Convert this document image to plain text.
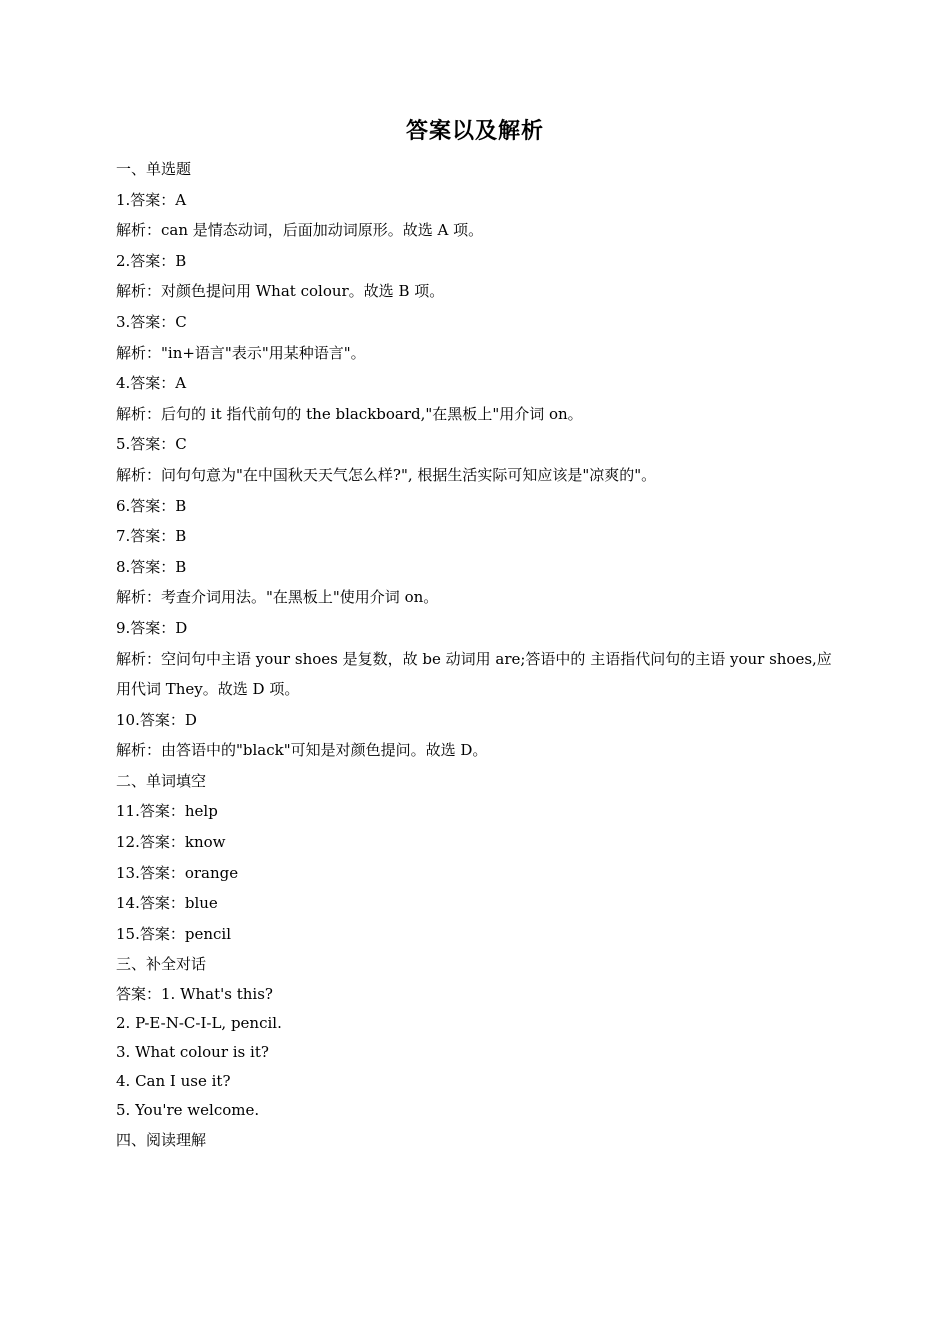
答案以及解析
一、单选题
1.答案：A
解析：can 是情态动词，后面加动词原形。故选 A 项。
2.答案：B
解析：对颜色提问用 What colour。故选 B 项。
3.答案：C
解析："in+语言"表示"用某种语言"。
4.答案：A
解析：后句的 it 指代前句的 the blackboard,"在黑板上"用介词 on。
5.答案：C
解析：问句句意为"在中国秋天天气怎么样?", 根据生活实际可知应该是"凉爽的"。
6.答案：B
7.答案：B
8.答案：B
解析：考查介词用法。"在黑板上"使用介词 on。
9.答案：D
解析：空问句中主语 your shoes 是复数，故 be 动词用 are;答语中的 主语指代问句的主语 your shoes,应用代词 They。故选 D 项。
10.答案：D
解析：由答语中的"black"可知是对颜色提问。故选 D。
二、单词填空
11.答案：help
12.答案：know
13.答案：orange
14.答案：blue
15.答案：pencil
三、补全对话
答案：1. What's this?
2. P-E-N-C-I-L, pencil.
3. What colour is it?
4. Can I use it?
5. You're welcome.
四、阅读理解
